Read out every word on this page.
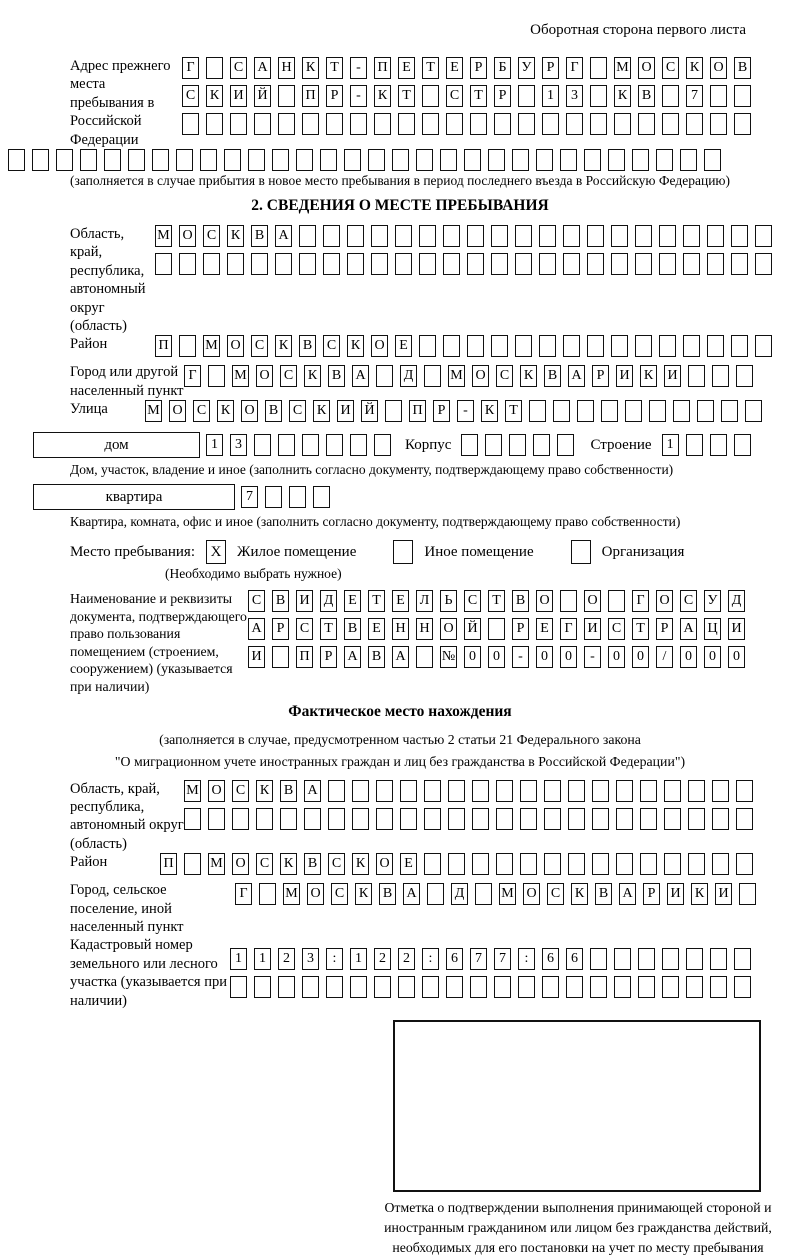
Оборотная сторона первого листа
Адрес прежнего места пребывания в Российской Федерации
Г	С А Н К	Т	-	П	Е	Т	Е	Р	Б	У	Р	Г	М О С К О В
С К И Й	П	Р	-	К	Т	С	Т	Р	1	3	К В	7
(заполняется в случае прибытия в новое место пребывания в период последнего въезда в Российскую Федерацию)
2. СВЕДЕНИЯ О МЕСТЕ ПРЕБЫВАНИЯ
Область, край, республика, автономный округ (область)
М О С К В А
Район	П	М О С К В С К О	Е
Город или другой населенный пункт
Г	М О С К В А	Д	М О С К В А	Р	И К И
Улица	М О С К О В С К И Й	П	Р	-	К	Т
дом	1	3	Корпус	Строение	1
Дом, участок, владение и иное (заполнить согласно документу, подтверждающему право собственности)
квартира	7
Квартира, комната, офис и иное (заполнить согласно документу, подтверждающему право собственности)
Место пребывания:	X	Жилое помещение	Иное помещение	Организация
(Необходимо выбрать нужное)
Наименование и реквизиты документа, подтверждающего право пользования помещением (строением, сооружением) (указывается при наличии)
С В И Д	Е	Т	Е	Л	Ь	С	Т	В О	О	Г	О С У Д
А	Р	С	Т	В	Е	Н Н О Й	Р	Е	Г	И С	Т	Р	А Ц И
И	П	Р	А В А	№ 0	0	-	0	0	-	0	0	/	0	0	0
Фактическое место нахождения
(заполняется в случае, предусмотренном частью 2 статьи 21 Федерального закона
"О миграционном учете иностранных граждан и лиц без гражданства в Российской Федерации")
Область, край, республика, автономный округ (область)
М О С К В А
Район	П	М О С К В С К О	Е
Город, сельское поселение, иной населенный пункт
Г	М О С К В А	Д	М О С К В А	Р	И К И
Кадастровый номер земельного или лесного участка (указывается при наличии)
1	1	2	3	:	1	2	2	:	6	7	7	:	6	6
Отметка о подтверждении выполнения принимающей стороной и иностранным гражданином или лицом без гражданства действий, необходимых для его постановки на учет по месту пребывания
